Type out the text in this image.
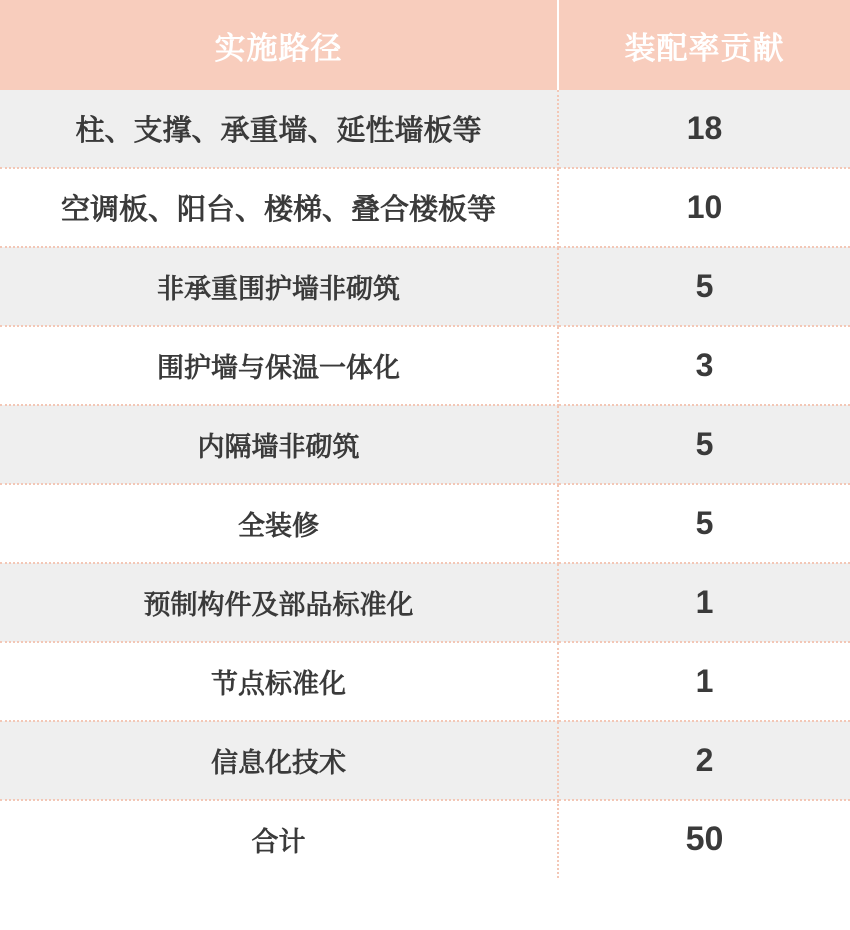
实施路径	装配率贡献
柱、支撑、承重墙、延性墙板等	18
空调板、阳台、楼梯、叠合楼板等	10
非承重围护墙非砌筑	5
围护墙与保温一体化	3
内隔墙非砌筑	5
全装修	5
预制构件及部品标准化	1
节点标准化	1
信息化技术	2
合计	50
